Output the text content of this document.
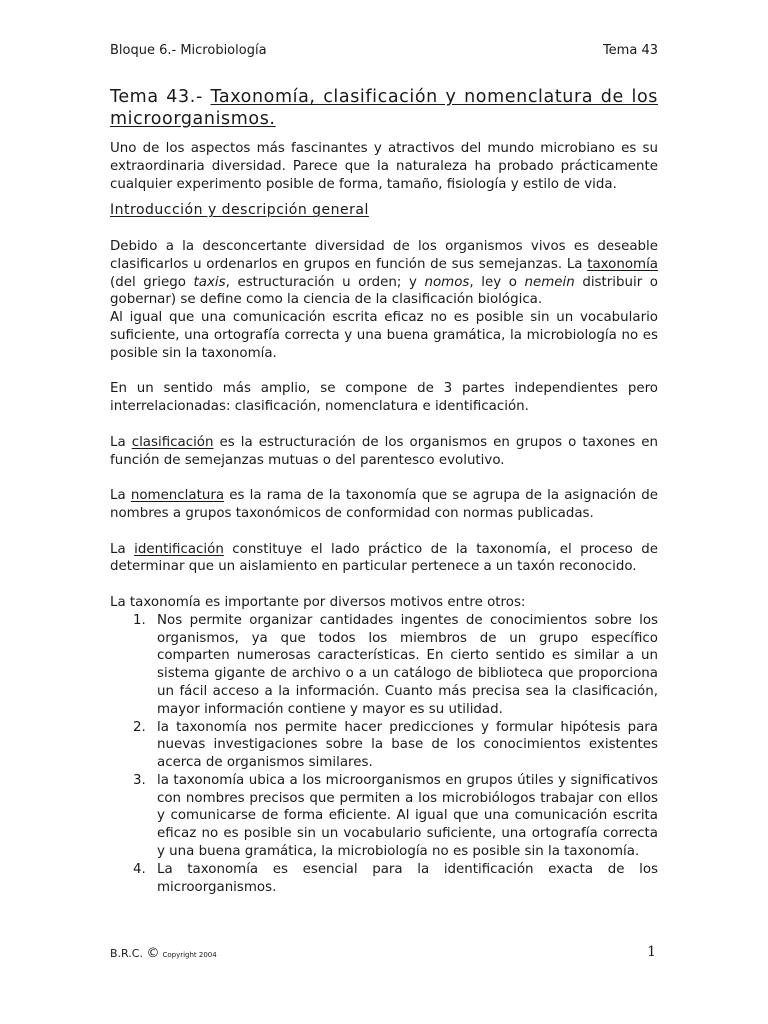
Bloque 6.- Microbiología	Tema 43
Tema 43.- Taxonomía, clasificación y nomenclatura de los microorganismos.

Uno de los aspectos más fascinantes y atractivos del mundo microbiano es su extraordinaria diversidad. Parece que la naturaleza ha probado prácticamente cualquier experimento posible de forma, tamaño, fisiología y estilo de vida.

Introducción y descripción general

Debido a la desconcertante diversidad de los organismos vivos es deseable clasificarlos u ordenarlos en grupos en función de sus semejanzas. La taxonomía (del griego taxis, estructuración u orden; y nomos, ley o nemein distribuir o gobernar) se define como la ciencia de la clasificación biológica.

Al igual que una comunicación escrita eficaz no es posible sin un vocabulario suficiente, una ortografía correcta y una buena gramática, la microbiología no es posible sin la taxonomía.

En un sentido más amplio, se compone de 3 partes independientes pero interrelacionadas: clasificación, nomenclatura e identificación.

La clasificación es la estructuración de los organismos en grupos o taxones en función de semejanzas mutuas o del parentesco evolutivo.

La nomenclatura es la rama de la taxonomía que se agrupa de la asignación de nombres a grupos taxonómicos de conformidad con normas publicadas.

La identificación constituye el lado práctico de la taxonomía, el proceso de determinar que un aislamiento en particular pertenece a un taxón reconocido.

La taxonomía es importante por diversos motivos entre otros:

1. Nos permite organizar cantidades ingentes de conocimientos sobre los organismos, ya que todos los miembros de un grupo específico comparten numerosas características. En cierto sentido es similar a un sistema gigante de archivo o a un catálogo de biblioteca que proporciona un fácil acceso a la información. Cuanto más precisa sea la clasificación, mayor información contiene y mayor es su utilidad.
2. la taxonomía nos permite hacer predicciones y formular hipótesis para nuevas investigaciones sobre la base de los conocimientos existentes acerca de organismos similares.
3. la taxonomía ubica a los microorganismos en grupos útiles y significativos con nombres precisos que permiten a los microbiólogos trabajar con ellos y comunicarse de forma eficiente. Al igual que una comunicación escrita eficaz no es posible sin un vocabulario suficiente, una ortografía correcta y una buena gramática, la microbiología no es posible sin la taxonomía.
4. La taxonomía es esencial para la identificación exacta de los microorganismos.
B.R.C. © Copyright 2004	1
